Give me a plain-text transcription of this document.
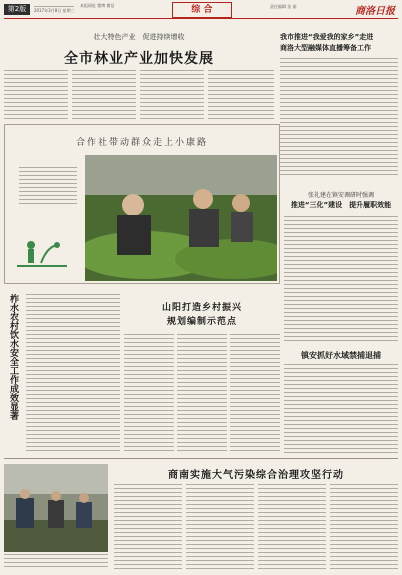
第2版	2017年3月8日 星期三
本报网址 微博 微信	综 合	责任编辑 张 丽	商洛日报
壮大特色产业　促进持续增收
全市林业产业加快发展
我市推进“我爱我的家乡”走进
商洛大型融媒体直播筹备工作
合作社带动群众走上小康路
张礼建在镇安调研时强调
推进“三化”建设　提升履职效能
柞水农村饮水安全工作成效显著	山阳打造乡村振兴
规划编制示范点
镇安抓好水域禁捕退捕
商南实施大气污染综合治理攻坚行动
